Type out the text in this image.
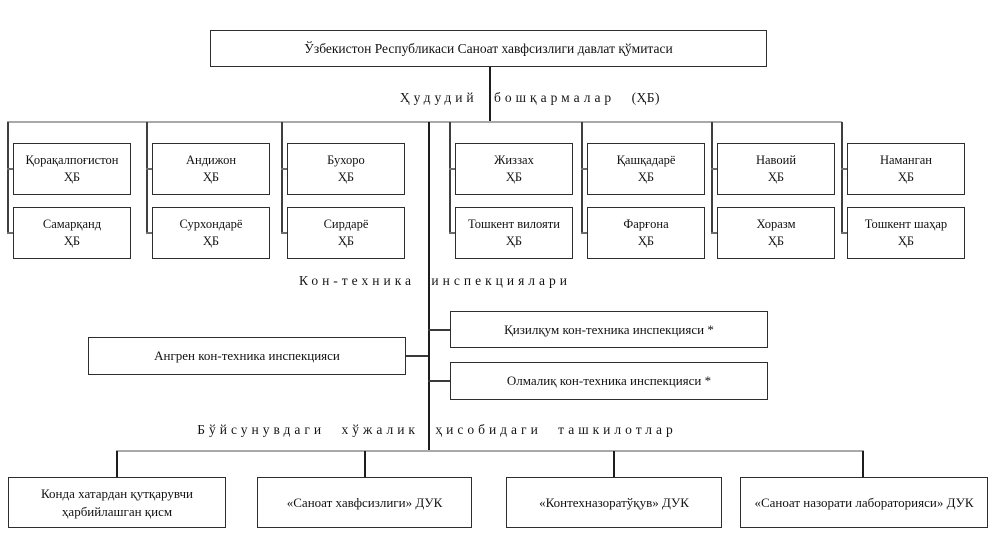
Ўзбекистон Республикаси Саноат хавфсизлиги давлат қўмитаси
Ҳудудий бошқармалар (ҲБ)
Қорақалпоғистон
ҲБ
Самарқанд
ҲБ
Андижон
ҲБ
Сурхондарё
ҲБ
Бухоро
ҲБ
Сирдарё
ҲБ
Жиззах
ҲБ
Тошкент вилояти
ҲБ
Қашқадарё
ҲБ
Фарғона
ҲБ
Навоий
ҲБ
Хоразм
ҲБ
Наманган
ҲБ
Тошкент шаҳар
ҲБ
Кон-техника инспекциялари
Ангрен кон-техника инспекцияси
Қизилқум кон-техника инспекцияси *
Олмалиқ кон-техника инспекцияси *
Бўйсунувдаги хўжалик ҳисобидаги ташкилотлар
Конда хатардан қутқарувчи
ҳарбийлашган қисм
«Саноат хавфсизлиги» ДУК	«Контехназоратўқув» ДУК	«Саноат назорати лабораторияси» ДУК
